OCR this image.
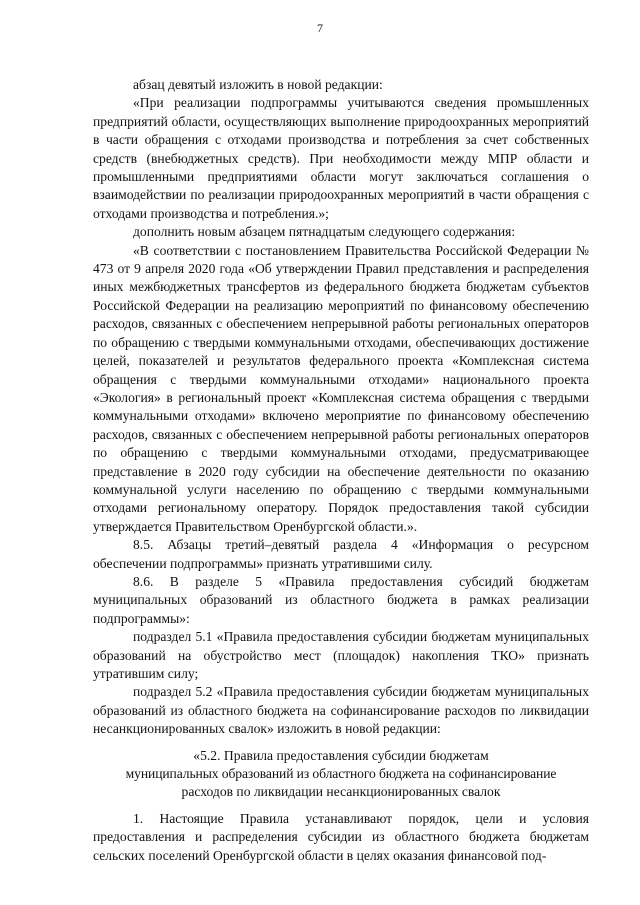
7

абзац девятый изложить в новой редакции:

«При реализации подпрограммы учитываются сведения промышленных предприятий области, осуществляющих выполнение природоохранных мероприятий в части обращения с отходами производства и потребления за счет собственных средств (внебюджетных средств). При необходимости между МПР области и промышленными предприятиями области могут заключаться соглашения о взаимодействии по реализации природоохранных мероприятий в части обращения с отходами производства и потребления.»;

дополнить новым абзацем пятнадцатым следующего содержания:

«В соответствии с постановлением Правительства Российской Федерации № 473 от 9 апреля 2020 года «Об утверждении Правил представления и распределения иных межбюджетных трансфертов из федерального бюджета бюджетам субъектов Российской Федерации на реализацию мероприятий по финансовому обеспечению расходов, связанных с обеспечением непрерывной работы региональных операторов по обращению с твердыми коммунальными отходами, обеспечивающих достижение целей, показателей и результатов федерального проекта «Комплексная система обращения с твердыми коммунальными отходами» национального проекта «Экология» в региональный проект «Комплексная система обращения с твердыми коммунальными отходами» включено мероприятие по финансовому обеспечению расходов, связанных с обеспечением непрерывной работы региональных операторов по обращению с твердыми коммунальными отходами, предусматривающее представление в 2020 году субсидии на обеспечение деятельности по оказанию коммунальной услуги населению по обращению с твердыми коммунальными отходами региональному оператору. Порядок предоставления такой субсидии утверждается Правительством Оренбургской области.».

8.5. Абзацы третий–девятый раздела 4 «Информация о ресурсном обеспечении подпрограммы» признать утратившими силу.

8.6. В разделе 5 «Правила предоставления субсидий бюджетам муниципальных образований из областного бюджета в рамках реализации подпрограммы»:

подраздел 5.1 «Правила предоставления субсидии бюджетам муниципальных образований на обустройство мест (площадок) накопления ТКО» признать утратившим силу;

подраздел 5.2 «Правила предоставления субсидии бюджетам муниципальных образований из областного бюджета на софинансирование расходов по ликвидации несанкционированных свалок» изложить в новой редакции:

«5.2. Правила предоставления субсидии бюджетам

муниципальных образований из областного бюджета на софинансирование

расходов по ликвидации несанкционированных свалок

1. Настоящие Правила устанавливают порядок, цели и условия предоставления и распределения субсидии из областного бюджета бюджетам сельских поселений Оренбургской области в целях оказания финансовой под-
